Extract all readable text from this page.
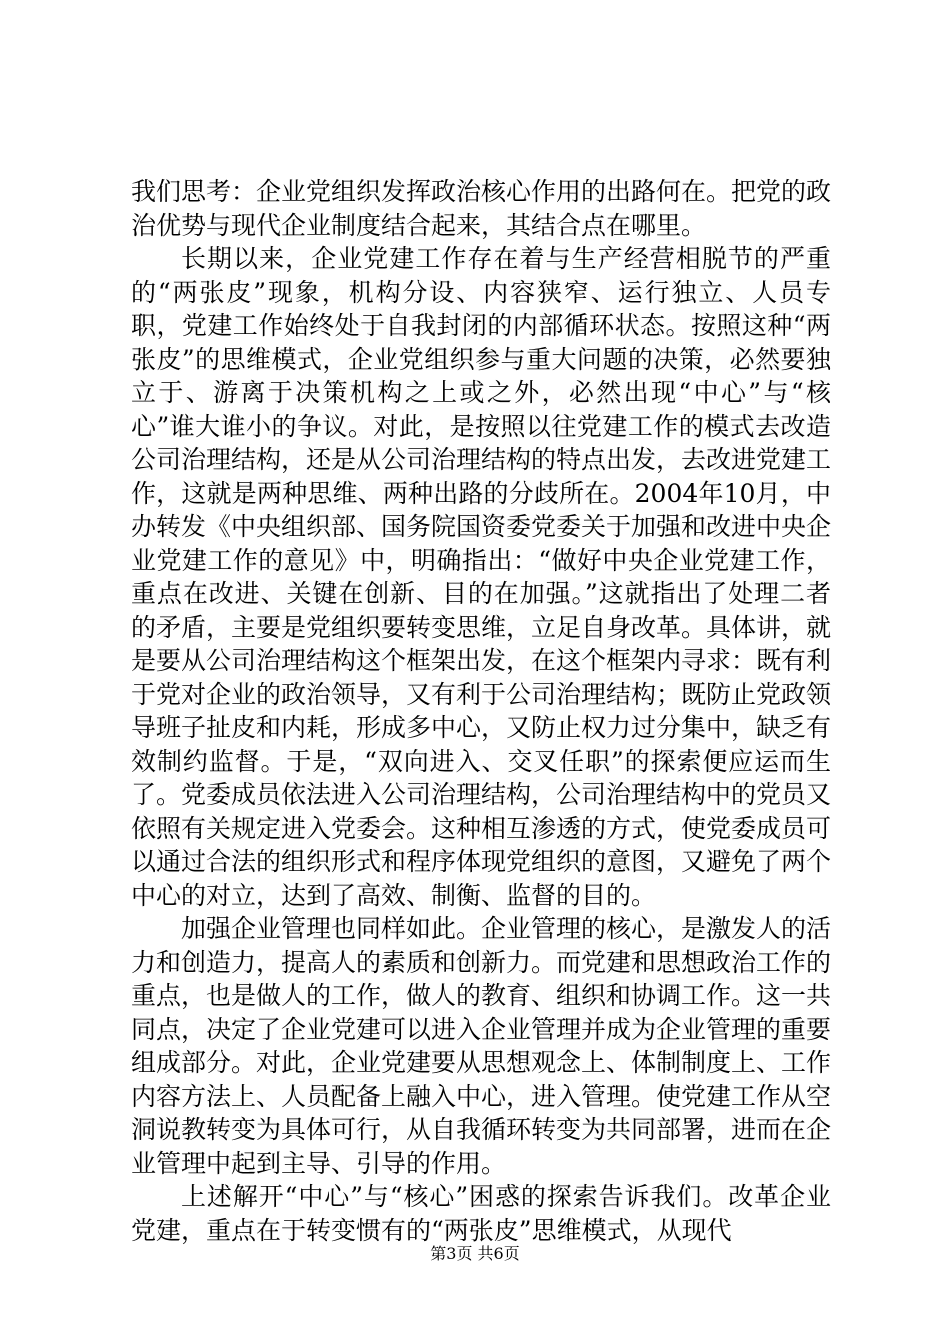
我们思考：企业党组织发挥政治核心作用的出路何在。把党的政治优势与现代企业制度结合起来，其结合点在哪里。

长期以来，企业党建工作存在着与生产经营相脱节的严重的“两张皮”现象，机构分设、内容狭窄、运行独立、人员专职，党建工作始终处于自我封闭的内部循环状态。按照这种“两张皮”的思维模式，企业党组织参与重大问题的决策，必然要独立于、游离于决策机构之上或之外，必然出现“中心”与“核心”谁大谁小的争议。对此，是按照以往党建工作的模式去改造公司治理结构，还是从公司治理结构的特点出发，去改进党建工作，这就是两种思维、两种出路的分歧所在。2004年10月，中办转发《中央组织部、国务院国资委党委关于加强和改进中央企业党建工作的意见》中，明确指出：“做好中央企业党建工作，重点在改进、关键在创新、目的在加强。”这就指出了处理二者的矛盾，主要是党组织要转变思维，立足自身改革。具体讲，就是要从公司治理结构这个框架出发，在这个框架内寻求：既有利于党对企业的政治领导，又有利于公司治理结构；既防止党政领导班子扯皮和内耗，形成多中心，又防止权力过分集中，缺乏有效制约监督。于是，“双向进入、交叉任职”的探索便应运而生了。党委成员依法进入公司治理结构，公司治理结构中的党员又依照有关规定进入党委会。这种相互渗透的方式，使党委成员可以通过合法的组织形式和程序体现党组织的意图，又避免了两个中心的对立，达到了高效、制衡、监督的目的。

加强企业管理也同样如此。企业管理的核心，是激发人的活力和创造力，提高人的素质和创新力。而党建和思想政治工作的重点，也是做人的工作，做人的教育、组织和协调工作。这一共同点，决定了企业党建可以进入企业管理并成为企业管理的重要组成部分。对此，企业党建要从思想观念上、体制制度上、工作内容方法上、人员配备上融入中心，进入管理。使党建工作从空洞说教转变为具体可行，从自我循环转变为共同部署，进而在企业管理中起到主导、引导的作用。

上述解开“中心”与“核心”困惑的探索告诉我们。改革企业党建，重点在于转变惯有的“两张皮”思维模式，从现代

第3页 共6页
